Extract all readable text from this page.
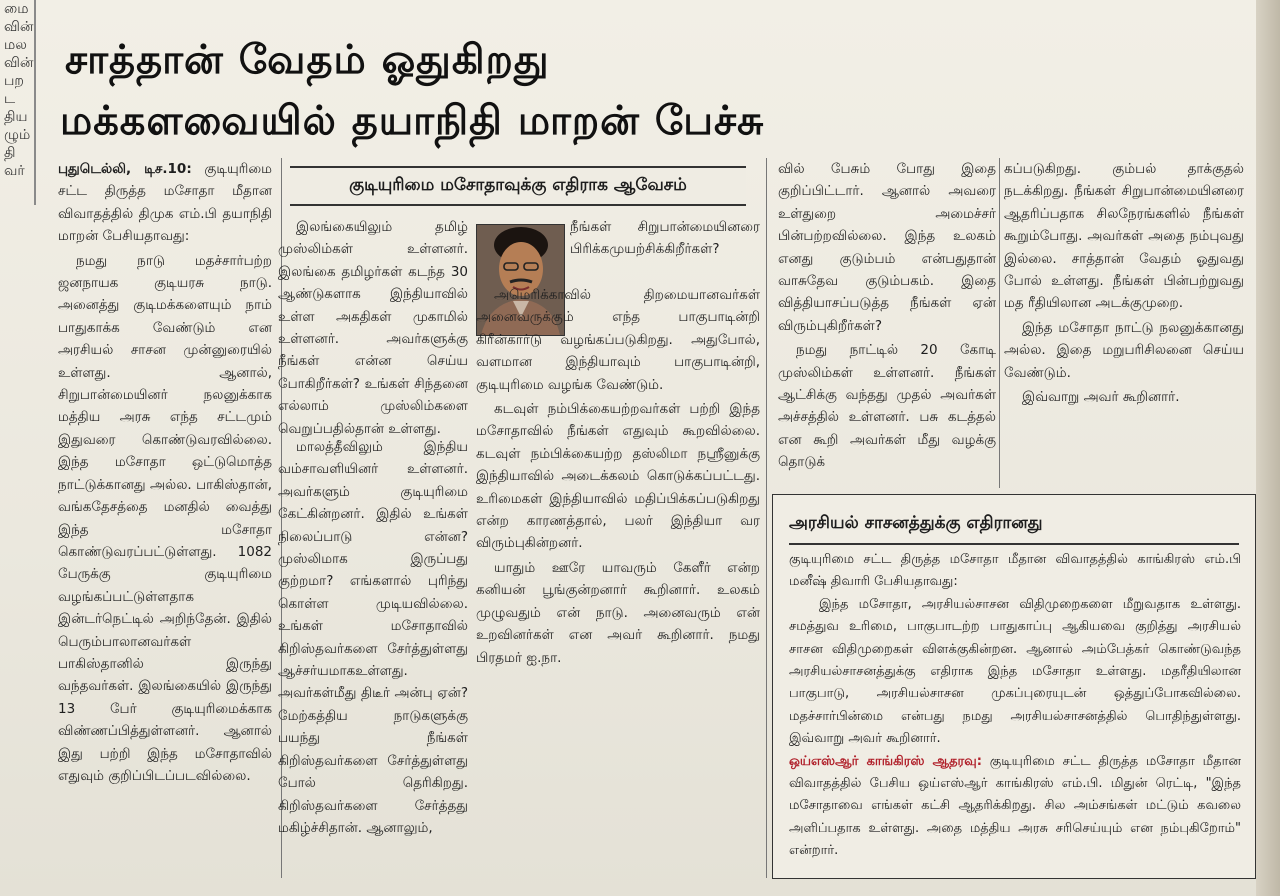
மை
வின்
மல
வின்
பற
ட
திய
ழும்
தி
வர்
சாத்தான் வேதம் ஓதுகிறது
மக்களவையில் தயாநிதி மாறன் பேச்சு
குடியுரிமை மசோதாவுக்கு எதிராக ஆவேசம்

புதுடெல்லி, டிச.10: குடியுரிமை சட்ட திருத்த மசோதா மீதான விவாதத்தில் திமுக எம்.பி தயாநிதி மாறன் பேசியதாவது:

நமது நாடு மதச்சார்பற்ற ஜனநாயக குடியரசு நாடு. அனைத்து குடிமக்களையும் நாம் பாதுகாக்க வேண்டும் என அரசியல் சாசன முன்னுரையில் உள்ளது. ஆனால், சிறுபான்மையினர் நலனுக்காக மத்திய அரசு எந்த சட்டமும் இதுவரை கொண்டுவரவில்லை. இந்த மசோதா ஒட்டுமொத்த நாட்டுக்கானது அல்ல. பாகிஸ்தான், வங்கதேசத்தை மனதில் வைத்து இந்த மசோதா கொண்டுவரப்பட்டுள்ளது. 1082 பேருக்கு குடியுரிமை வழங்கப்பட்டுள்ளதாக இன்டர்நெட்டில் அறிந்தேன். இதில் பெரும்பாலானவர்கள் பாகிஸ்தானில் இருந்து வந்தவர்கள். இலங்கையில் இருந்து 13 பேர் குடியுரிமைக்காக விண்ணப்பித்துள்ளனர். ஆனால் இது பற்றி இந்த மசோதாவில் எதுவும் குறிப்பிடப்படவில்லை.

இலங்கையிலும் தமிழ் முஸ்லிம்கள் உள்ளனர். இலங்கை தமிழர்கள் கடந்த 30 ஆண்டுகளாக இந்தியாவில் உள்ள அகதிகள் முகாமில் உள்ளனர். அவர்களுக்கு நீங்கள் என்ன செய்ய போகிறீர்கள்? உங்கள் சிந்தனை எல்லாம் முஸ்லிம்களை வெறுப்பதில்தான் உள்ளது.

மாலத்தீவிலும் இந்திய வம்சாவளியினர் உள்ளனர். அவர்களும் குடியுரிமை கேட்கின்றனர். இதில் உங்கள் நிலைப்பாடு என்ன? முஸ்லிமாக இருப்பது குற்றமா? எங்களால் புரிந்து கொள்ள முடியவில்லை. உங்கள் மசோதாவில் கிறிஸ்தவர்களை சேர்த்துள்ளது ஆச்சர்யமாகஉள்ளது. அவர்கள்மீது திடீர் அன்பு ஏன்? மேற்கத்திய நாடுகளுக்கு பயந்து நீங்கள் கிறிஸ்தவர்களை சேர்த்துள்ளது போல் தெரிகிறது. கிறிஸ்தவர்களை சேர்த்தது மகிழ்ச்சிதான். ஆனாலும்,

நீங்கள் சிறுபான்மையினரை பிரிக்கமுயற்சிக்கிறீர்கள்?

அமெரிக்காவில் திறமையானவர்கள் அனைவருக்கும் எந்த பாகுபாடின்றி கிரீன்கார்டு வழங்கப்படுகிறது. அதுபோல், வளமான இந்தியாவும் பாகுபாடின்றி, குடியுரிமை வழங்க வேண்டும்.

கடவுள் நம்பிக்கையற்றவர்கள் பற்றி இந்த மசோதாவில் நீங்கள் எதுவும் கூறவில்லை. கடவுள் நம்பிக்கையற்ற தஸ்லிமா நஸ்ரீனுக்கு இந்தியாவில் அடைக்கலம் கொடுக்கப்பட்டது. உரிமைகள் இந்தியாவில் மதிப்பிக்கப்படுகிறது என்ற காரணத்தால், பலர் இந்தியா வர விரும்புகின்றனர்.

யாதும் ஊரே யாவரும் கேளீர் என்ற கனியன் பூங்குன்றனார் கூறினார். உலகம் முழுவதும் என் நாடு. அனைவரும் என் உறவினர்கள் என அவர் கூறினார். நமது பிரதமர் ஐ.நா.

வில் பேசும் போது இதை குறிப்பிட்டார். ஆனால் அவரை உள்துறை அமைச்சர் பின்பற்றவில்லை. இந்த உலகம் எனது குடும்பம் என்பதுதான் வாசுதேவ குடும்பகம். இதை வித்தியாசப்படுத்த நீங்கள் ஏன் விரும்புகிறீர்கள்?

நமது நாட்டில் 20 கோடி முஸ்லிம்கள் உள்ளனர். நீங்கள் ஆட்சிக்கு வந்தது முதல் அவர்கள் அச்சத்தில் உள்ளனர். பசு கடத்தல் என கூறி அவர்கள் மீது வழக்கு தொடுக்

கப்படுகிறது. கும்பல் தாக்குதல் நடக்கிறது. நீங்கள் சிறுபான்மையினரை ஆதரிப்பதாக சிலநேரங்களில் நீங்கள் கூறும்போது. அவர்கள் அதை நம்புவது இல்லை. சாத்தான் வேதம் ஓதுவது போல் உள்ளது. நீங்கள் பின்பற்றுவது மத ரீதியிலான அடக்குமுறை.

இந்த மசோதா நாட்டு நலனுக்கானது அல்ல. இதை மறுபரிசிலனை செய்ய வேண்டும்.

இவ்வாறு அவர் கூறினார்.

அரசியல் சாசனத்துக்கு எதிரானது

குடியுரிமை சட்ட திருத்த மசோதா மீதான விவாதத்தில் காங்கிரஸ் எம்.பி மனீஷ் திவாரி பேசியதாவது:

இந்த மசோதா, அரசியல்சாசன விதிமுறைகளை மீறுவதாக உள்ளது. சமத்துவ உரிமை, பாகுபாடற்ற பாதுகாப்பு ஆகியவை குறித்து அரசியல் சாசன விதிமுறைகள் விளக்குகின்றன. ஆனால் அம்பேத்கர் கொண்டுவந்த அரசியல்சாசனத்துக்கு எதிராக இந்த மசோதா உள்ளது. மதரீதியிலான பாகுபாடு, அரசியல்சாசன முகப்புரையுடன் ஒத்துப்போகவில்லை. மதச்சார்பின்மை என்பது நமது அரசியல்சாசனத்தில் பொதிந்துள்ளது. இவ்வாறு அவர் கூறினார்.

ஒய்எஸ்ஆர் காங்கிரஸ் ஆதரவு: குடியுரிமை சட்ட திருத்த மசோதா மீதான விவாதத்தில் பேசிய ஒய்எஸ்ஆர் காங்கிரஸ் எம்.பி. மிதுன் ரெட்டி, "இந்த மசோதாவை எங்கள் கட்சி ஆதரிக்கிறது. சில அம்சங்கள் மட்டும் கவலை அளிப்பதாக உள்ளது. அதை மத்திய அரசு சரிசெய்யும் என நம்புகிறோம்" என்றார்.
